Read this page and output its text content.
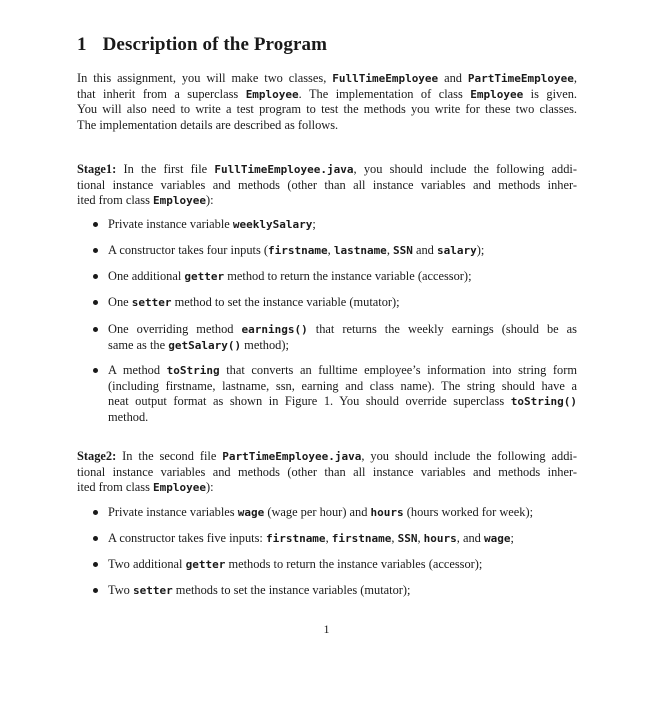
1 Description of the Program
In this assignment, you will make two classes, FullTimeEmployee and PartTimeEmployee,
that inherit from a superclass Employee. The implementation of class Employee is given.
You will also need to write a test program to test the methods you write for these two classes.
The implementation details are described as follows.
Stage1: In the first file FullTimeEmployee.java, you should include the following addi-
tional instance variables and methods (other than all instance variables and methods inher-
ited from class Employee):
Private instance variable weeklySalary;
A constructor takes four inputs (firstname, lastname, SSN and salary);
One additional getter method to return the instance variable (accessor);
One setter method to set the instance variable (mutator);
One overriding method earnings() that returns the weekly earnings (should be as
same as the getSalary() method);
A method toString that converts an fulltime employee’s information into string form
(including firstname, lastname, ssn, earning and class name). The string should have a
neat output format as shown in Figure 1. You should override superclass toString()
method.
Stage2: In the second file PartTimeEmployee.java, you should include the following addi-
tional instance variables and methods (other than all instance variables and methods inher-
ited from class Employee):
Private instance variables wage (wage per hour) and hours (hours worked for week);
A constructor takes five inputs: firstname, firstname, SSN, hours, and wage;
Two additional getter methods to return the instance variables (accessor);
Two setter methods to set the instance variables (mutator);
1
